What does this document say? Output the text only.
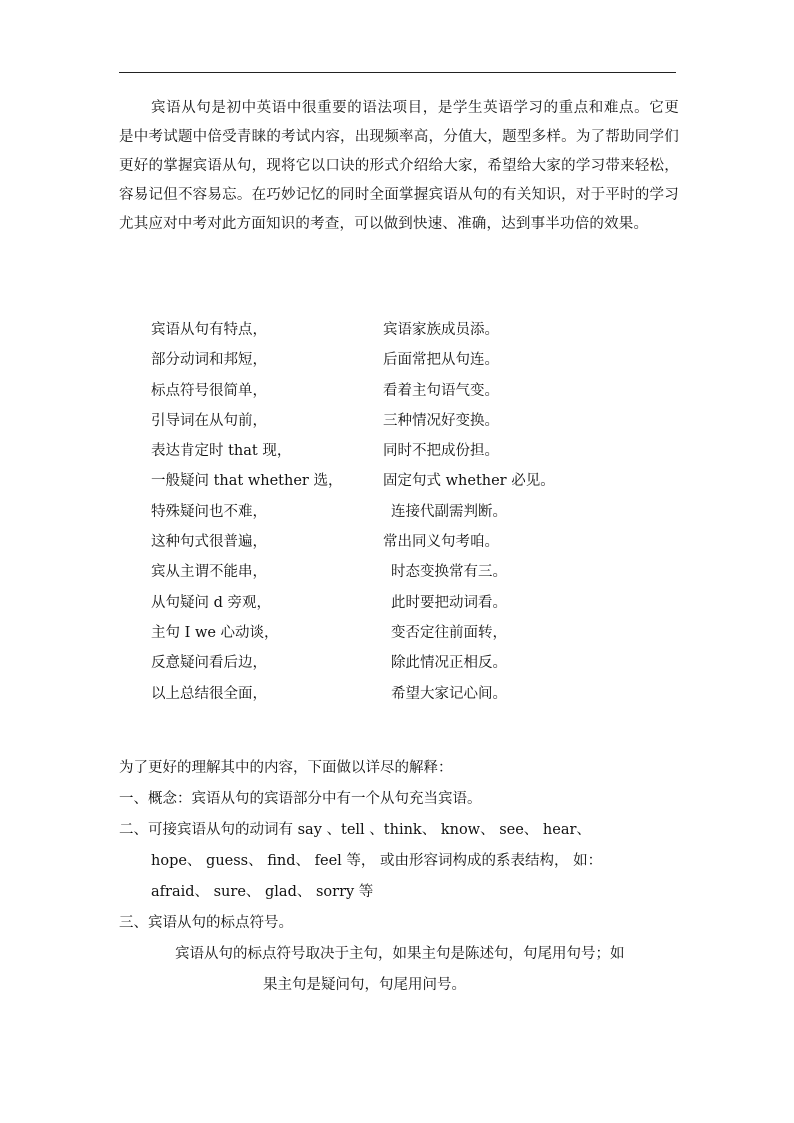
宾语从句是初中英语中很重要的语法项目，是学生英语学习的重点和难点。它更是中考试题中倍受青睐的考试内容，出现频率高，分值大，题型多样。为了帮助同学们更好的掌握宾语从句，现将它以口诀的形式介绍给大家，希望给大家的学习带来轻松，容易记但不容易忘。在巧妙记忆的同时全面掌握宾语从句的有关知识，对于平时的学习尤其应对中考对此方面知识的考查，可以做到快速、准确，达到事半功倍的效果。

宾语从句有特点，	宾语家族成员添。
部分动词和邦短，	后面常把从句连。
标点符号很简单，	看着主句语气变。
引导词在从句前，	三种情况好变换。
表达肯定时 that 现，	同时不把成份担。
一般疑问 that whether 选，	固定句式 whether 必见。
特殊疑问也不难，	连接代副需判断。
这种句式很普遍，	常出同义句考咱。
宾从主谓不能串，	时态变换常有三。
从句疑问 d 旁观，	此时要把动词看。
主句 I we 心动谈，	变否定往前面转，
反意疑问看后边，	除此情况正相反。
以上总结很全面，	希望大家记心间。
为了更好的理解其中的内容，下面做以详尽的解释：
一、概念：宾语从句的宾语部分中有一个从句充当宾语。
二、可接宾语从句的动词有 say 、tell 、think、 know、 see、 hear、
hope、 guess、 find、 feel 等， 或由形容词构成的系表结构， 如：
afraid、 sure、 glad、 sorry 等
三、宾语从句的标点符号。
宾语从句的标点符号取决于主句，如果主句是陈述句，句尾用句号；如
果主句是疑问句，句尾用问号。
